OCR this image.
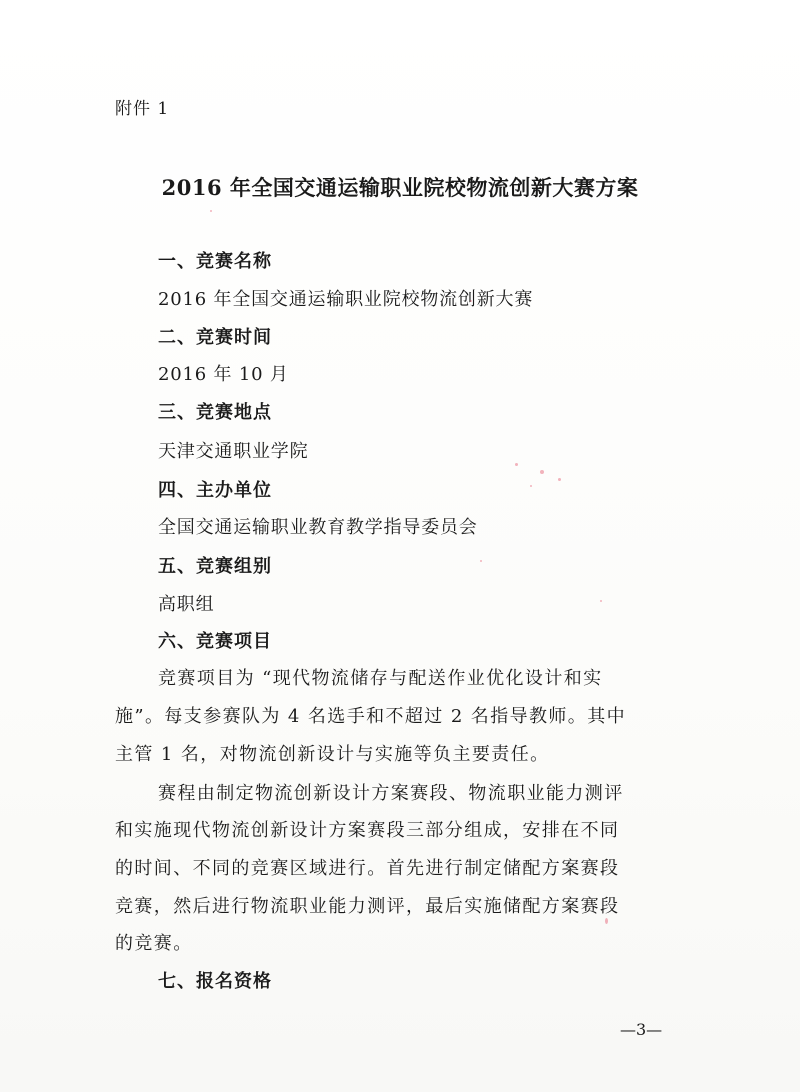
附件 1
2016 年全国交通运输职业院校物流创新大赛方案
一、竞赛名称
2016 年全国交通运输职业院校物流创新大赛
二、竞赛时间
2016 年 10 月
三、竞赛地点
天津交通职业学院
四、主办单位
全国交通运输职业教育教学指导委员会
五、竞赛组别
高职组
六、竞赛项目
竞赛项目为 “现代物流储存与配送作业优化设计和实
施”。每支参赛队为 4 名选手和不超过 2 名指导教师。其中
主管 1 名，对物流创新设计与实施等负主要责任。
赛程由制定物流创新设计方案赛段、物流职业能力测评
和实施现代物流创新设计方案赛段三部分组成，安排在不同
的时间、不同的竞赛区域进行。首先进行制定储配方案赛段
竞赛，然后进行物流职业能力测评，最后实施储配方案赛段
的竞赛。
七、报名资格
—3—
